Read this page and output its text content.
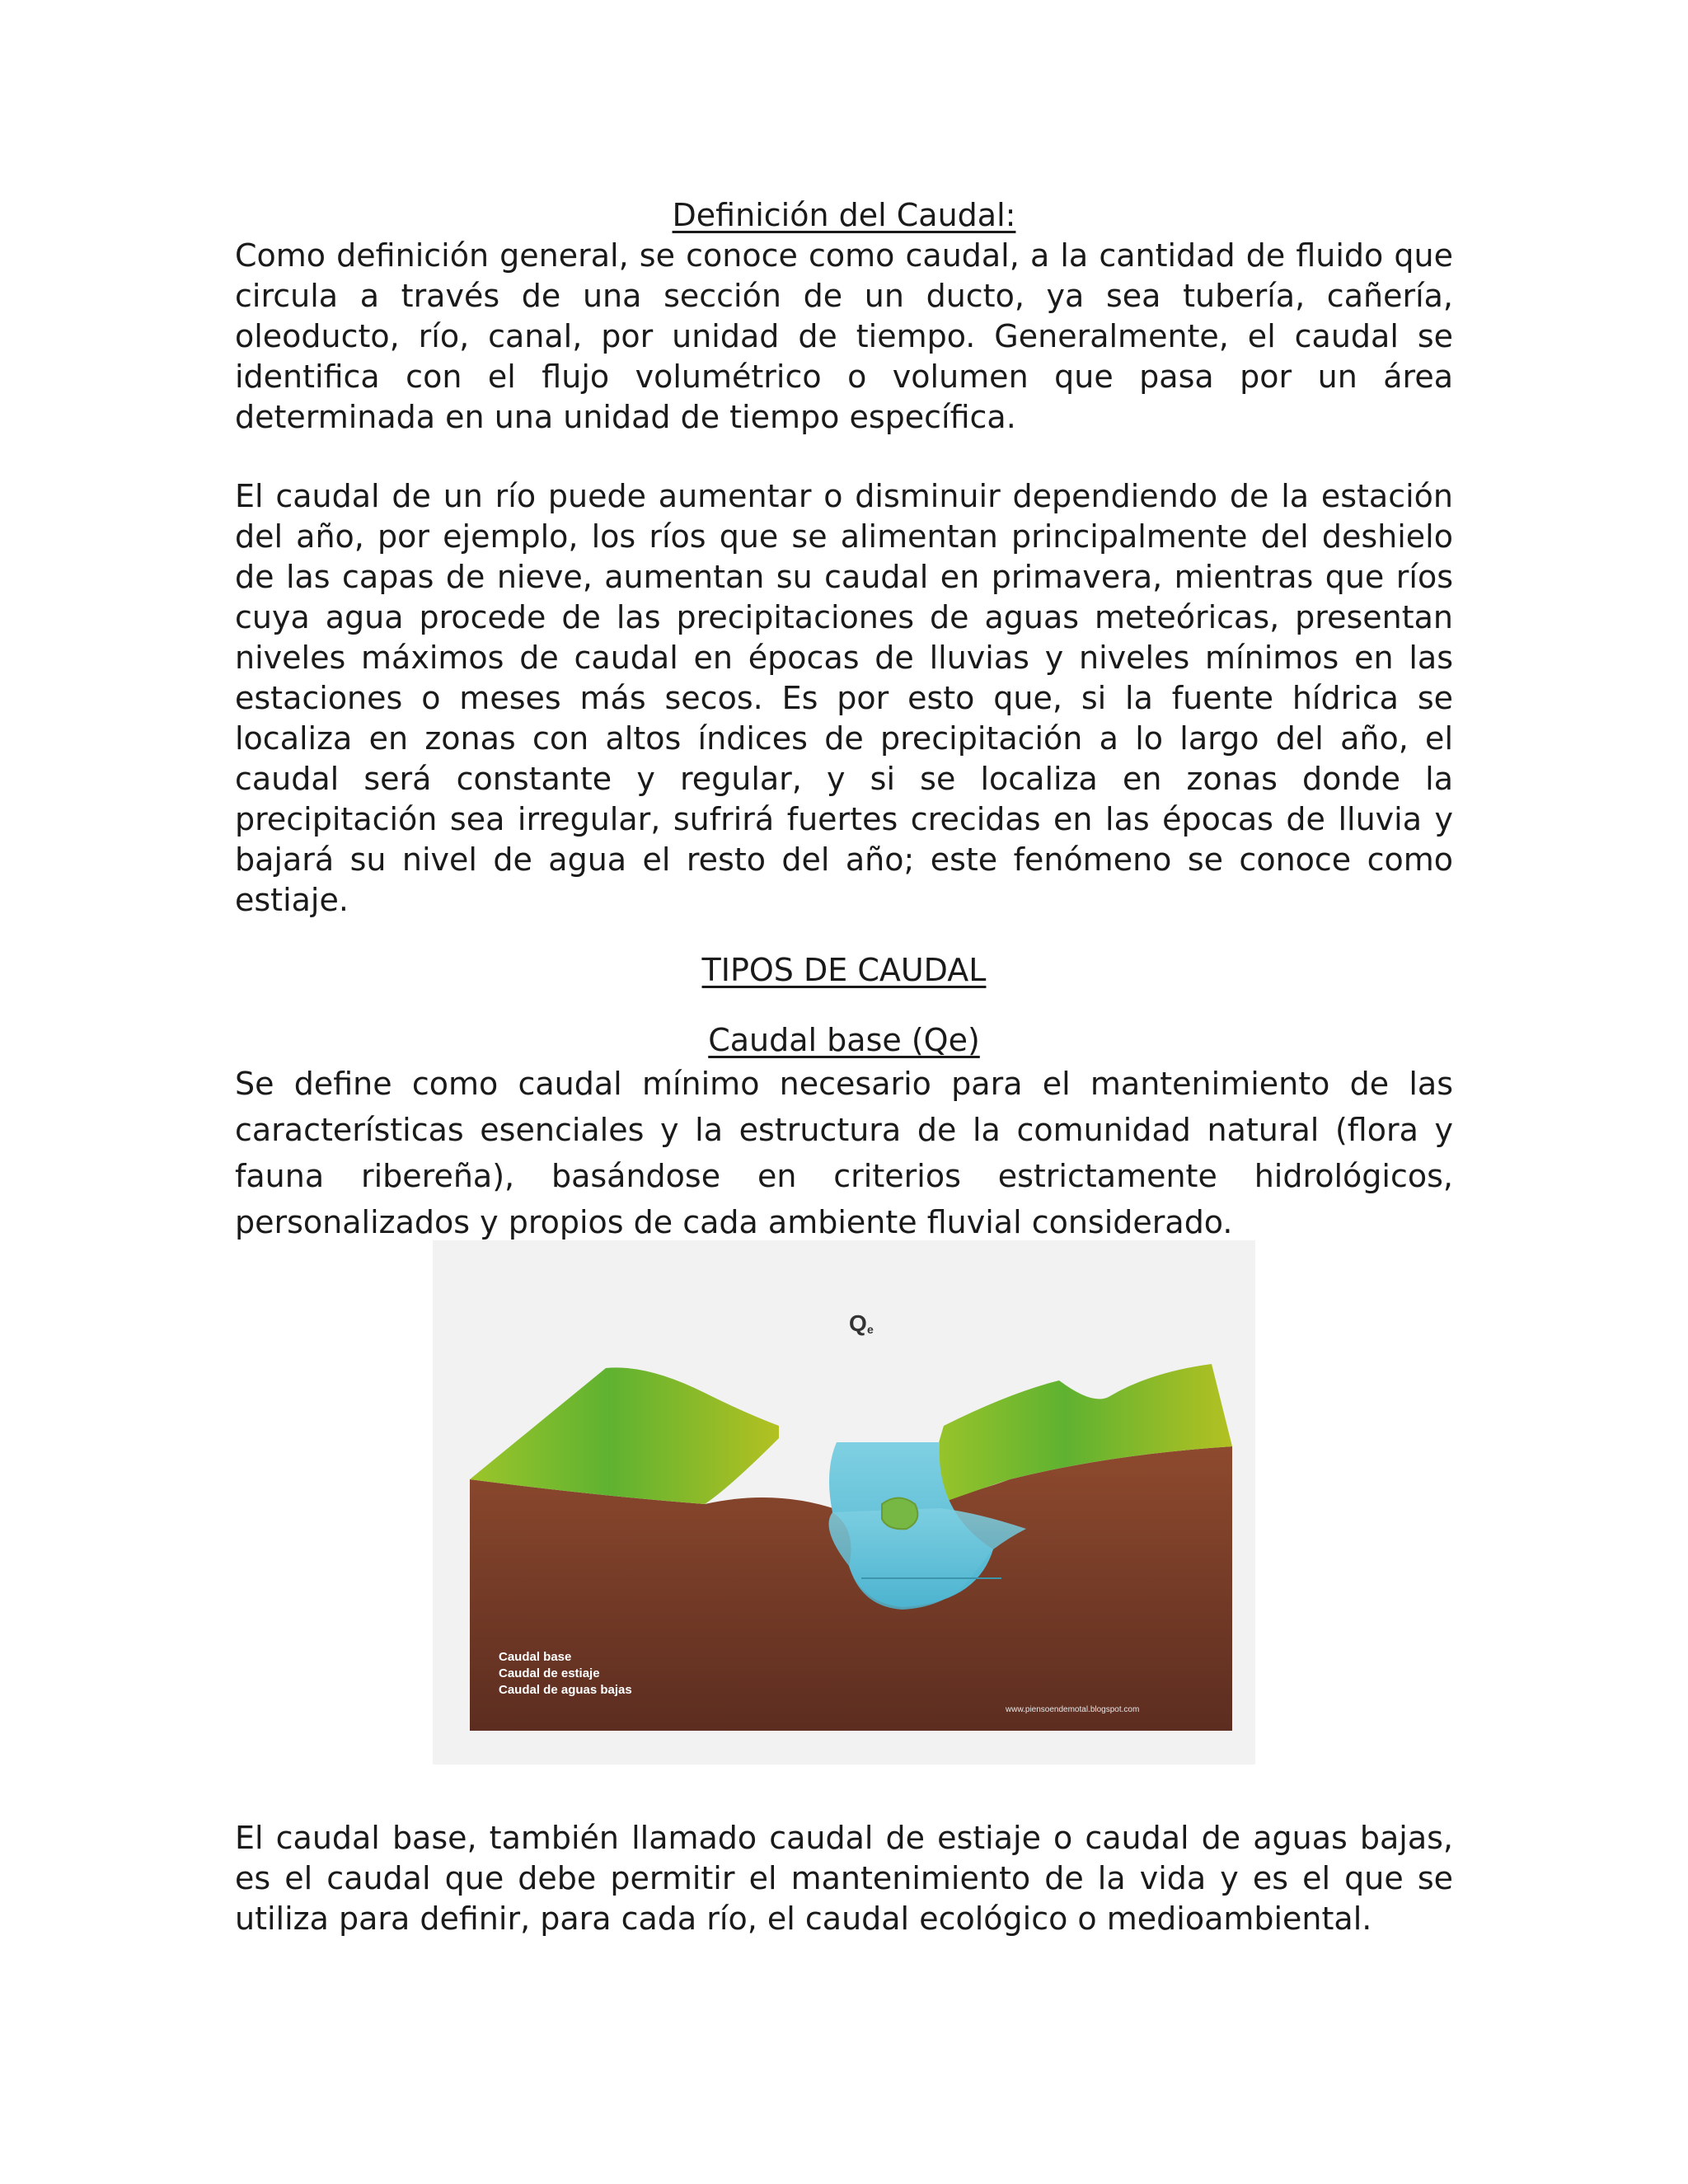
Definición del Caudal:

Como definición general, se conoce como caudal, a la cantidad de fluido que circula a través de una sección de un ducto, ya sea tubería, cañería, oleoducto, río, canal, por unidad de tiempo. Generalmente, el caudal se identifica con el flujo volumétrico o volumen que pasa por un área determinada en una unidad de tiempo específica.

El caudal de un río puede aumentar o disminuir dependiendo de la estación del año, por ejemplo, los ríos que se alimentan principalmente del deshielo de las capas de nieve, aumentan su caudal en primavera, mientras que ríos cuya agua procede de las precipitaciones de aguas meteóricas, presentan niveles máximos de caudal en épocas de lluvias y niveles mínimos en las estaciones o meses más secos. Es por esto que, si la fuente hídrica se localiza en zonas con altos índices de precipitación a lo largo del año, el caudal será constante y regular, y si se localiza en zonas donde la precipitación sea irregular, sufrirá fuertes crecidas en las épocas de lluvia y bajará su nivel de agua el resto del año; este fenómeno se conoce como estiaje.

TIPOS DE CAUDAL
Caudal base (Qe)

Se define como caudal mínimo necesario para el mantenimiento de las características esenciales y la estructura de la comunidad natural (flora y fauna ribereña), basándose en criterios estrictamente hidrológicos, personalizados y propios de cada ambiente fluvial considerado.

Q e
Caudal base
Caudal de estiaje
Caudal de aguas bajas
www.piensoendemotal.blogspot.com

El caudal base, también llamado caudal de estiaje o caudal de aguas bajas, es el caudal que debe permitir el mantenimiento de la vida y es el que se utiliza para definir, para cada río, el caudal ecológico o medioambiental.
